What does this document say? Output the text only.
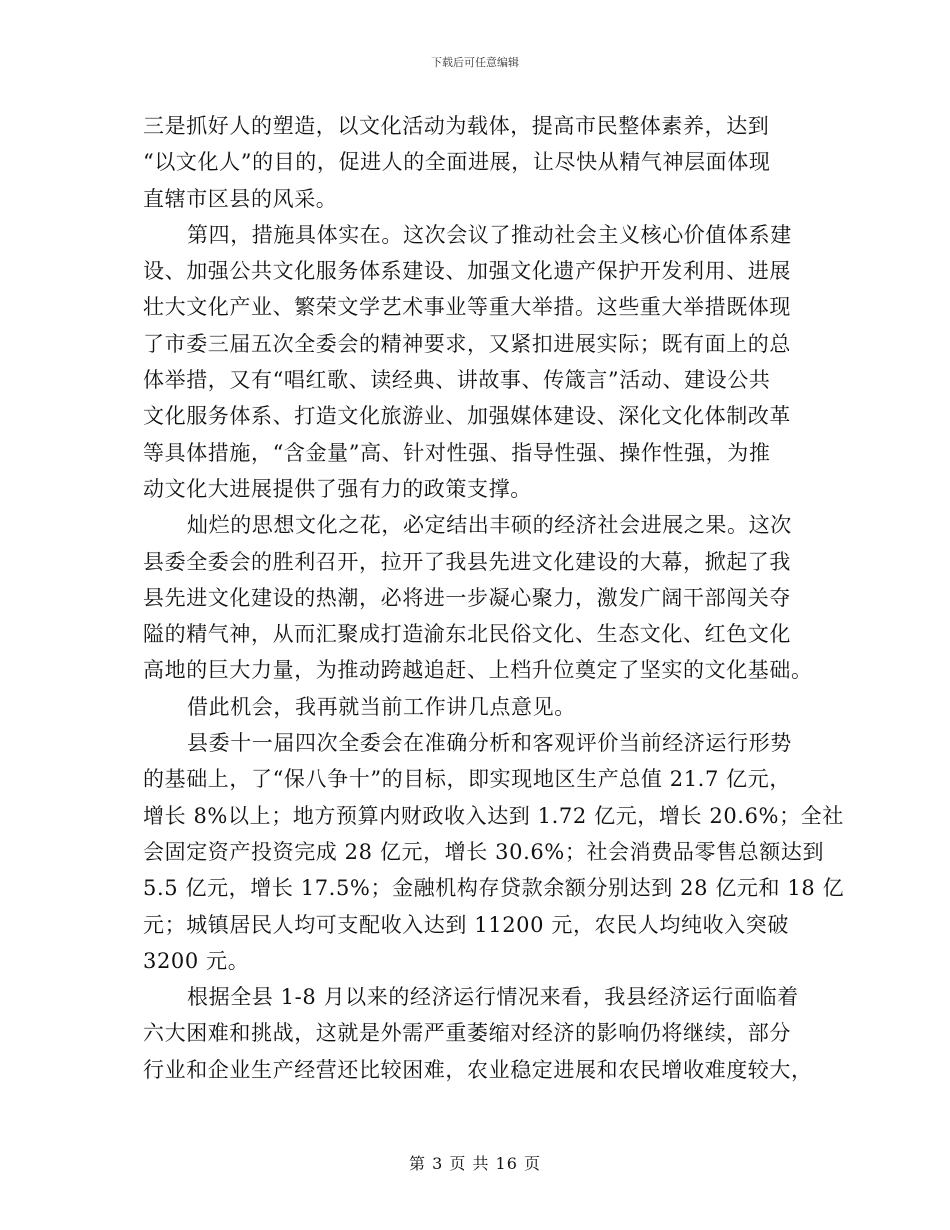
下载后可任意编辑
三是抓好人的塑造，以文化活动为载体，提高市民整体素养，达到
“以文化人”的目的，促进人的全面进展，让尽快从精气神层面体现
直辖市区县的风采。
第四，措施具体实在。这次会议了推动社会主义核心价值体系建
设、加强公共文化服务体系建设、加强文化遗产保护开发利用、进展
壮大文化产业、繁荣文学艺术事业等重大举措。这些重大举措既体现
了市委三届五次全委会的精神要求，又紧扣进展实际；既有面上的总
体举措，又有“唱红歌、读经典、讲故事、传箴言”活动、建设公共
文化服务体系、打造文化旅游业、加强媒体建设、深化文化体制改革
等具体措施，“含金量”高、针对性强、指导性强、操作性强，为推
动文化大进展提供了强有力的政策支撑。
灿烂的思想文化之花，必定结出丰硕的经济社会进展之果。这次
县委全委会的胜利召开，拉开了我县先进文化建设的大幕，掀起了我
县先进文化建设的热潮，必将进一步凝心聚力，激发广阔干部闯关夺
隘的精气神，从而汇聚成打造渝东北民俗文化、生态文化、红色文化
高地的巨大力量，为推动跨越追赶、上档升位奠定了坚实的文化基础。
借此机会，我再就当前工作讲几点意见。
县委十一届四次全委会在准确分析和客观评价当前经济运行形势
的基础上，了“保八争十”的目标，即实现地区生产总值 21.7 亿元，
增长 8%以上；地方预算内财政收入达到 1.72 亿元，增长 20.6%；全社
会固定资产投资完成 28 亿元，增长 30.6%；社会消费品零售总额达到
5.5 亿元，增长 17.5%；金融机构存贷款余额分别达到 28 亿元和 18 亿
元；城镇居民人均可支配收入达到 11200 元，农民人均纯收入突破
3200 元。
根据全县 1-8 月以来的经济运行情况来看，我县经济运行面临着
六大困难和挑战，这就是外需严重萎缩对经济的影响仍将继续，部分
行业和企业生产经营还比较困难，农业稳定进展和农民增收难度较大，
第 3 页 共 16 页
